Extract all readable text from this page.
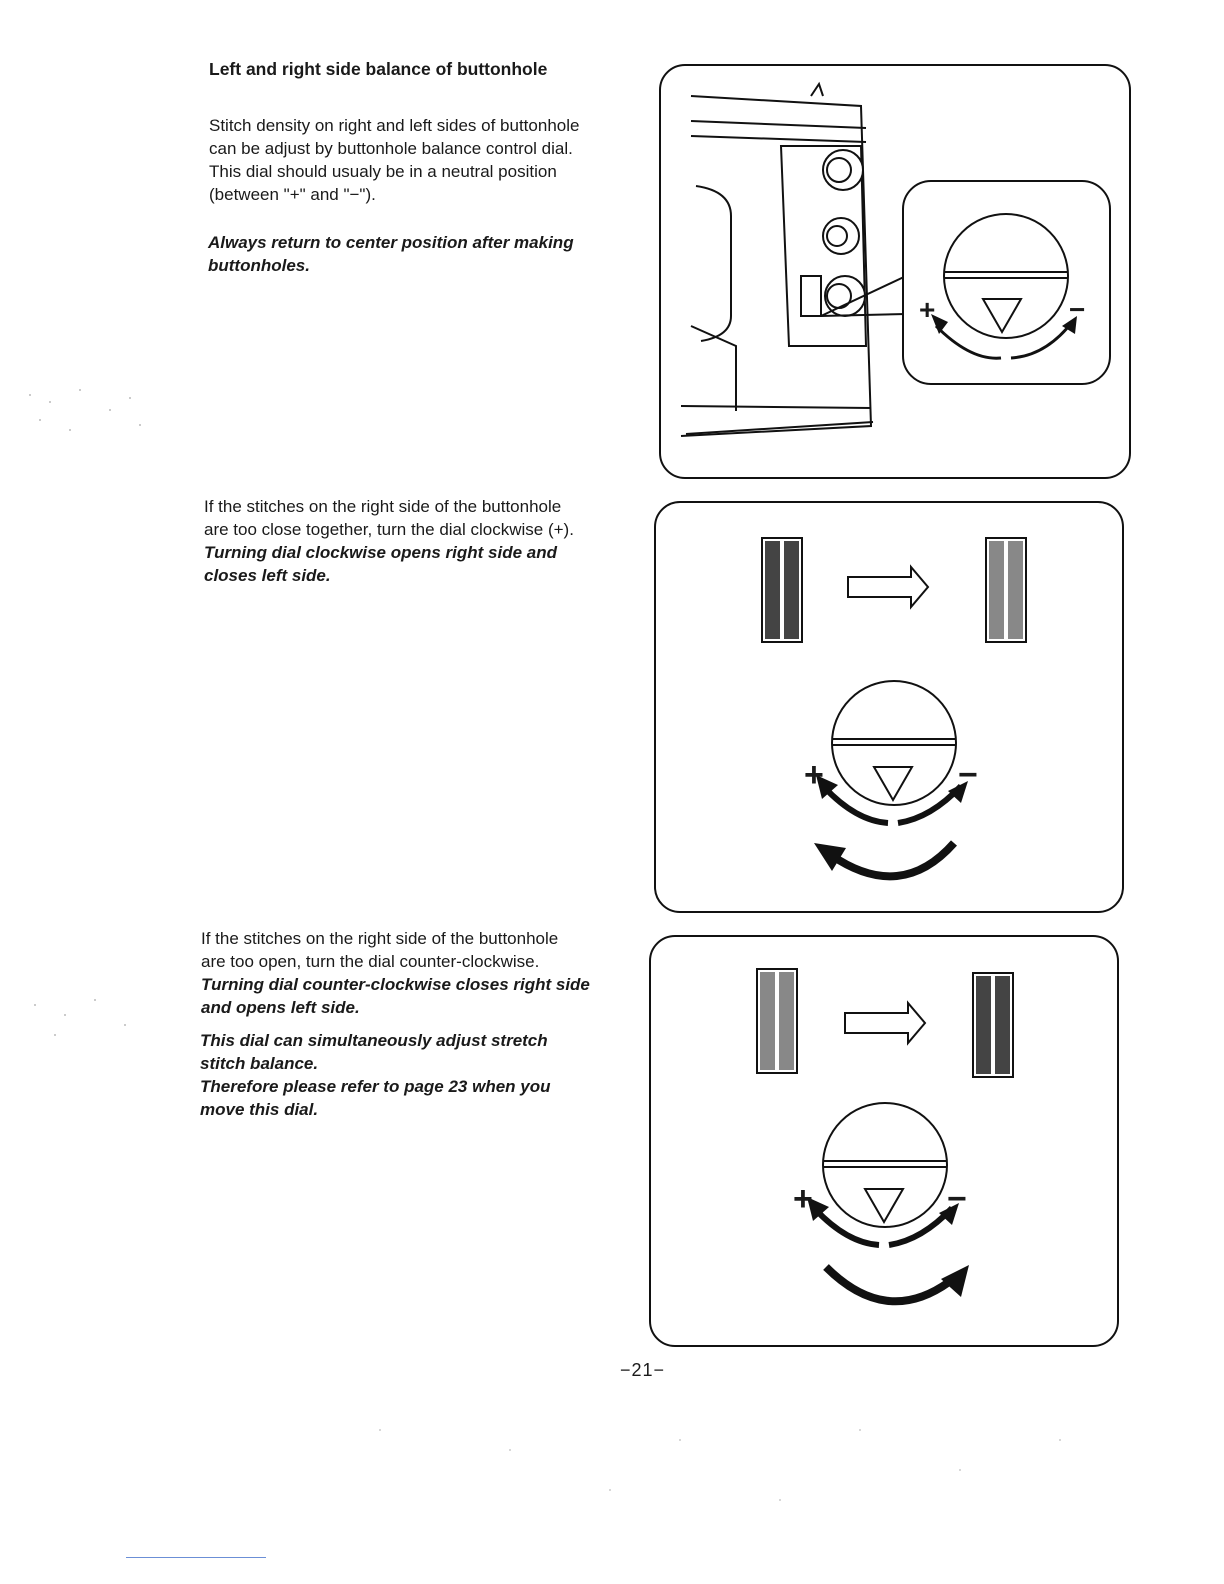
Left and right side balance of buttonhole
Stitch density on right and left sides of buttonhole
can be adjust by buttonhole balance control dial.
This dial should usualy be in a neutral position
(between "+" and "−").
Always return to center position after making
buttonholes.
If the stitches on the right side of the buttonhole
are too close together, turn the dial clockwise (+).
Turning dial clockwise opens right side and
closes left side.
If the stitches on the right side of the buttonhole
are too open, turn the dial counter-clockwise.
Turning dial counter-clockwise closes right side
and opens left side.
This dial can simultaneously adjust stretch
stitch balance.
Therefore please refer to page 23 when you
move this dial.
−21−
+	−
+	−
+	−
